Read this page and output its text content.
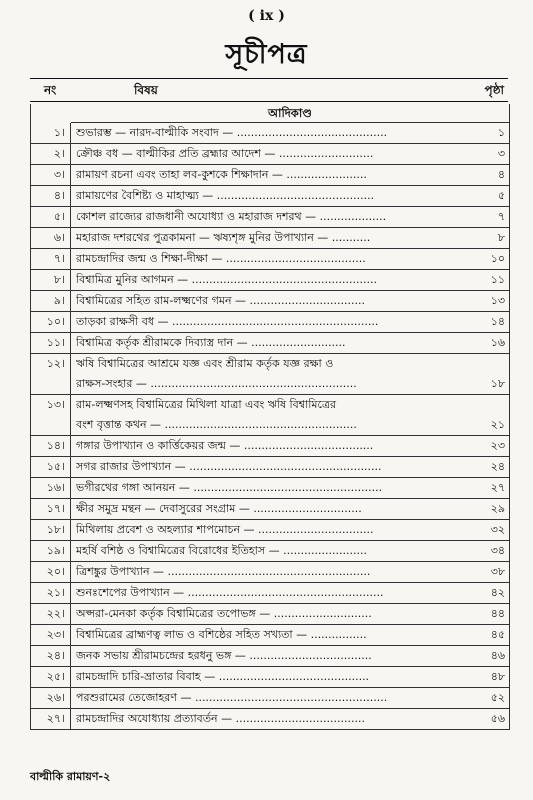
( ix )
সূচীপত্র
নং	বিষয়	পৃষ্ঠা
আদিকাণ্ড
১।	শুভারম্ভ — নারদ-বাল্মীকি সংবাদ — ...........................................	১
২।	ক্রৌঞ্চ বধ — বাল্মীকির প্রতি ব্রহ্মার আদেশ — ...........................	৩
৩।	রামায়ণ রচনা এবং তাহা লব-কুশকে শিক্ষাদান — .......................	৪
৪।	রামায়ণের বৈশিষ্ট্য ও মাহাত্ম্য — .............................................	৫
৫।	কোশল রাজ্যের রাজধানী অযোধ্যা ও মহারাজ দশরথ — ...................	৭
৬।	মহারাজ দশরথের পুত্রকামনা — ঋষ্যশৃঙ্গ মুনির উপাখ্যান — ...........	৮
৭।	রামচন্দ্রাদির জন্ম ও শিক্ষা-দীক্ষা — ........................................	১০
৮।	বিশ্বামিত্র মুনির আগমন — .....................................................	১১
৯।	বিশ্বামিত্রের সহিত রাম-লক্ষ্মণের গমন — .................................	১৩
১০।	তাড়কা রাক্ষসী বধ — ...........................................................	১৪
১১।	বিশ্বামিত্র কর্তৃক শ্রীরামকে দিব্যাস্ত্র দান — ...........................	১৬
১২।	ঋষি বিশ্বামিত্রের আশ্রমে যজ্ঞ এবং শ্রীরাম কর্তৃক যজ্ঞ রক্ষা ও
রাক্ষস-সংহার — ...........................................................	১৮
১৩।	রাম-লক্ষ্মণসহ বিশ্বামিত্রের মিথিলা যাত্রা এবং ঋষি বিশ্বামিত্রের
বংশ বৃত্তান্ত কথন — .......................................................	২১
১৪।	গঙ্গার উপাখ্যান ও কার্ত্তিকেয়র জন্ম — .....................................	২৩
১৫।	সগর রাজার উপাখ্যান — .......................................................	২৪
১৬।	ভগীরথের গঙ্গা আনয়ন — ......................................................	২৭
১৭।	ক্ষীর সমুদ্র মন্থন — দেবাসুরের সংগ্রাম — ...............................	২৯
১৮।	মিথিলায় প্রবেশ ও অহল্যার শাপমোচন — .................................	৩২
১৯।	মহর্ষি বশিষ্ঠ ও বিশ্বামিত্রের বিরোধের ইতিহাস — ........................	৩৪
২০।	ত্রিশঙ্কুর উপাখ্যান — ..........................................................	৩৮
২১।	শুনঃশেপের উপাখ্যান — ........................................................	৪২
২২।	অপ্সরা-মেনকা কর্তৃক বিশ্বামিত্রের তপোভঙ্গ — ............................	৪৪
২৩।	বিশ্বামিত্রের ব্রাহ্মণত্ব লাভ ও বশিষ্ঠের সহিত সখ্যতা — ................	৪৫
২৪।	জনক সভায় শ্রীরামচন্দ্রের হরধনু ভঙ্গ — ...................................	৪৬
২৫।	রামচন্দ্রাদি চারি-ভ্রাতার বিবাহ — ...........................................	৪৮
২৬।	পরশুরামের তেজোহরণ — .......................................................	৫২
২৭।	রামচন্দ্রাদির অযোধ্যায় প্রত্যাবর্তন — .....................................	৫৬
বাল্মীকি রামায়ণ-২
